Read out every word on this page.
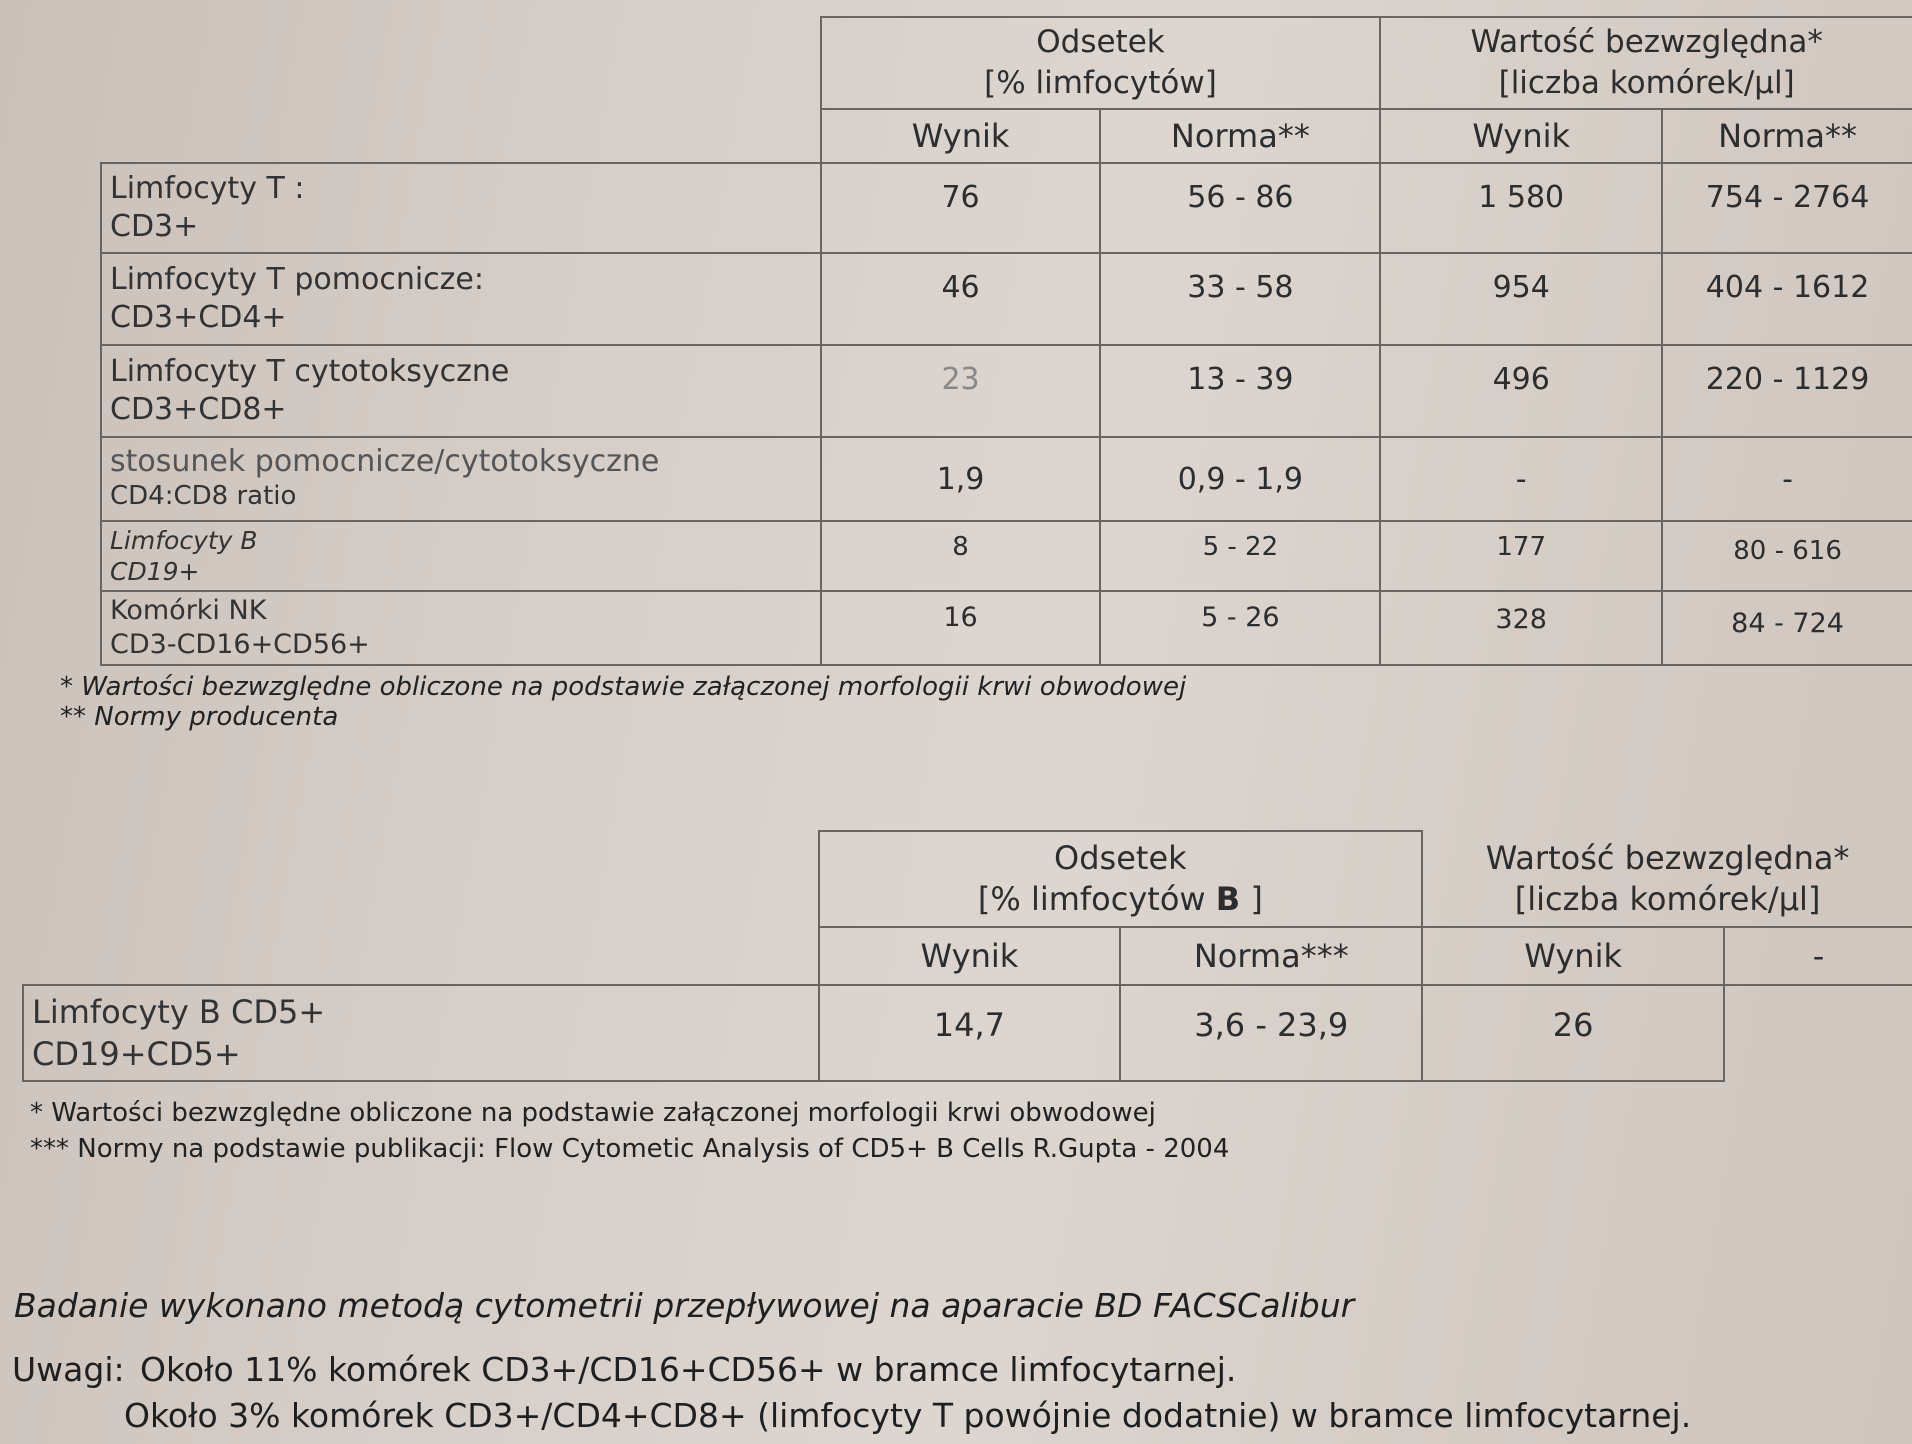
	Odsetek
[% limfocytów]		Wartość bezwzględna*
[liczba komórek/µl]	
	Wynik	Norma**	Wynik	Norma**

Limfocyty T :
CD3+	76	56 - 86	1 580	754 - 2764

Limfocyty T pomocnicze:
CD3+CD4+	46	33 - 58	954	404 - 1612

Limfocyty T cytotoksyczne
CD3+CD8+	23	13 - 39	496	220 - 1129

stosunek pomocnicze/cytotoksyczne
CD4:CD8 ratio	1,9	0,9 - 1,9	-	-

Limfocyty B
CD19+	8	5 - 22	177	80 - 616

Komórki NK
CD3-CD16+CD56+	16	5 - 26	328	84 - 724
* Wartości bezwzględne obliczone na podstawie załączonej morfologii krwi obwodowej
** Normy producenta
	Odsetek
[% limfocytów B ]		Wartość bezwzględna*
[liczba komórek/µl]	
	Wynik	Norma***	Wynik	-

Limfocyty B CD5+
CD19+CD5+	14,7	3,6 - 23,9	26	
* Wartości bezwzględne obliczone na podstawie załączonej morfologii krwi obwodowej
*** Normy na podstawie publikacji: Flow Cytometic Analysis of CD5+ B Cells R.Gupta - 2004
Badanie wykonano metodą cytometrii przepływowej na aparacie BD FACSCalibur
Uwagi: Około 11% komórek CD3+/CD16+CD56+ w bramce limfocytarnej.
Około 3% komórek CD3+/CD4+CD8+ (limfocyty T powójnie dodatnie) w bramce limfocytarnej.
